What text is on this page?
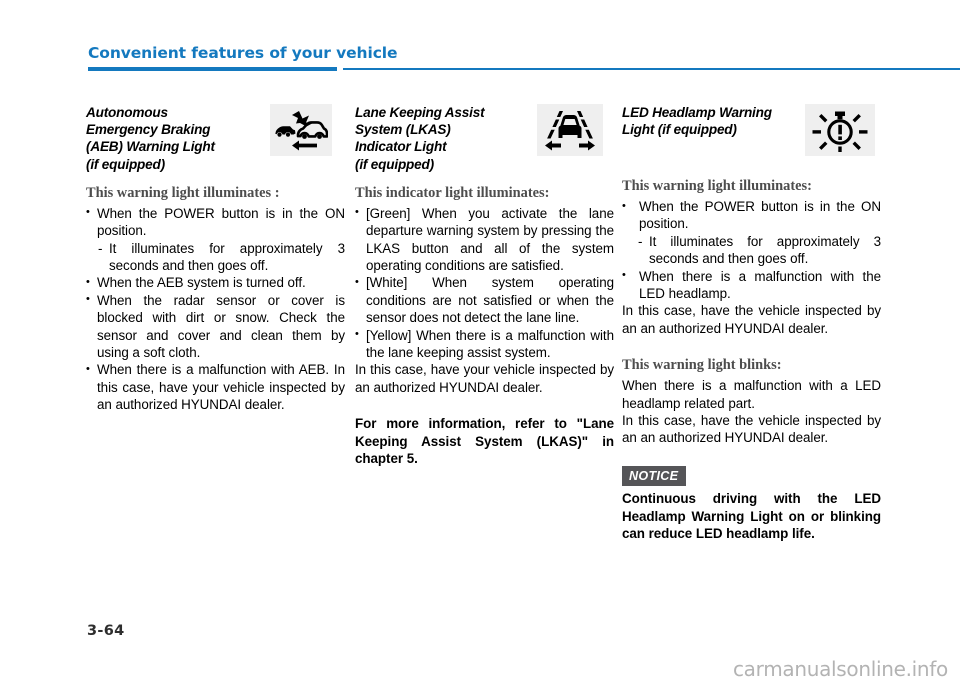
Convenient features of your vehicle
Autonomous
Emergency Braking
(AEB) Warning Light
(if equipped)
This warning light illuminates :
• When the POWER button is in the ON position.
- It illuminates for approximately 3 seconds and then goes off.
• When the AEB system is turned off.
• When the radar sensor or cover is blocked with dirt or snow. Check the sensor and cover and clean them by using a soft cloth.
• When there is a malfunction with AEB. In this case, have your vehicle inspected by an authorized HYUNDAI dealer.
Lane Keeping Assist
System (LKAS)
Indicator Light
(if equipped)
This indicator light illuminates:
• [Green] When you activate the lane departure warning system by pressing the LKAS button and all of the system operating conditions are satisfied.
• [White] When system operating conditions are not satisfied or when the sensor does not detect the lane line.
• [Yellow] When there is a malfunction with the lane keeping assist system.

In this case, have your vehicle inspected by an authorized HYUNDAI dealer.

For more information, refer to "Lane Keeping Assist System (LKAS)" in chapter 5.

LED Headlamp Warning
Light (if equipped)
This warning light illuminates:
• When the POWER button is in the ON position.
- It illuminates for approximately 3 seconds and then goes off.
• When there is a malfunction with the LED headlamp.

In this case, have the vehicle inspected by an an authorized HYUNDAI dealer.

This warning light blinks:

When there is a malfunction with a LED headlamp related part.

In this case, have the vehicle inspected by an an authorized HYUNDAI dealer.

NOTICE

Continuous driving with the LED Headlamp Warning Light on or blinking can reduce LED headlamp life.

3-64
carmanualsonline.info
